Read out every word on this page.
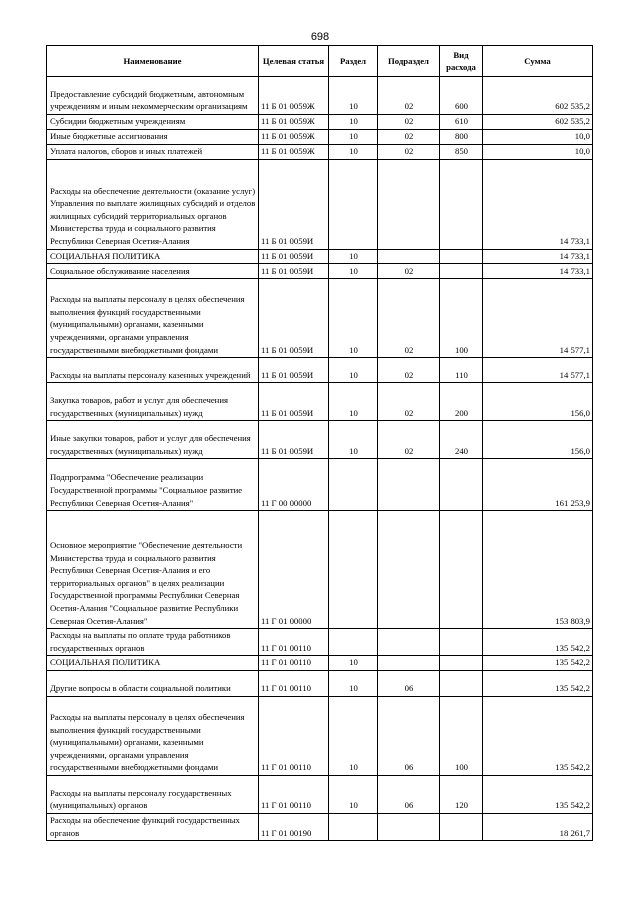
698
Наименование	Целевая статья	Раздел	Подраздел	Вид расхода	Сумма
Предоставление субсидий бюджетным, автономным учреждениям и иным некоммерческим организациям	11 Б 01 0059Ж	10	02	600	602 535,2
Субсидии бюджетным учреждениям	11 Б 01 0059Ж	10	02	610	602 535,2
Иные бюджетные ассигнования	11 Б 01 0059Ж	10	02	800	10,0
Уплата налогов, сборов и иных платежей	11 Б 01 0059Ж	10	02	850	10,0
Расходы на обеспечение деятельности (оказание услуг) Управления по выплате жилищных субсидий и отделов жилищных субсидий территориальных органов Министерства труда и социального развития Республики Северная Осетия-Алания	11 Б 01 0059И				14 733,1
СОЦИАЛЬНАЯ ПОЛИТИКА	11 Б 01 0059И	10			14 733,1
Социальное обслуживание населения	11 Б 01 0059И	10	02		14 733,1
Расходы на выплаты персоналу в целях обеспечения выполнения функций государственными (муниципальными) органами, казенными учреждениями, органами управления государственными внебюджетными фондами	11 Б 01 0059И	10	02	100	14 577,1
Расходы на выплаты персоналу казенных учреждений	11 Б 01 0059И	10	02	110	14 577,1
Закупка товаров, работ и услуг для обеспечения государственных (муниципальных) нужд	11 Б 01 0059И	10	02	200	156,0
Иные закупки товаров, работ и услуг для обеспечения государственных (муниципальных) нужд	11 Б 01 0059И	10	02	240	156,0
Подпрограмма "Обеспечение реализации Государственной программы "Социальное развитие Республики Северная Осетия-Алания"	11 Г 00 00000				161 253,9
Основное мероприятие "Обеспечение деятельности Министерства труда и социального развития Республики Северная Осетия-Алания и его территориальных органов" в целях реализации Государственной программы Республики Северная Осетия-Алания "Социальное развитие Республики Северная Осетия-Алания"	11 Г 01 00000				153 803,9
Расходы на выплаты по оплате труда работников государственных органов	11 Г 01 00110				135 542,2
СОЦИАЛЬНАЯ ПОЛИТИКА	11 Г 01 00110	10			135 542,2
Другие вопросы в области социальной политики	11 Г 01 00110	10	06		135 542,2
Расходы на выплаты персоналу в целях обеспечения выполнения функций государственными (муниципальными) органами, казенными учреждениями, органами управления государственными внебюджетными фондами	11 Г 01 00110	10	06	100	135 542,2
Расходы на выплаты персоналу государственных (муниципальных) органов	11 Г 01 00110	10	06	120	135 542,2
Расходы на обеспечение функций государственных органов	11 Г 01 00190				18 261,7
